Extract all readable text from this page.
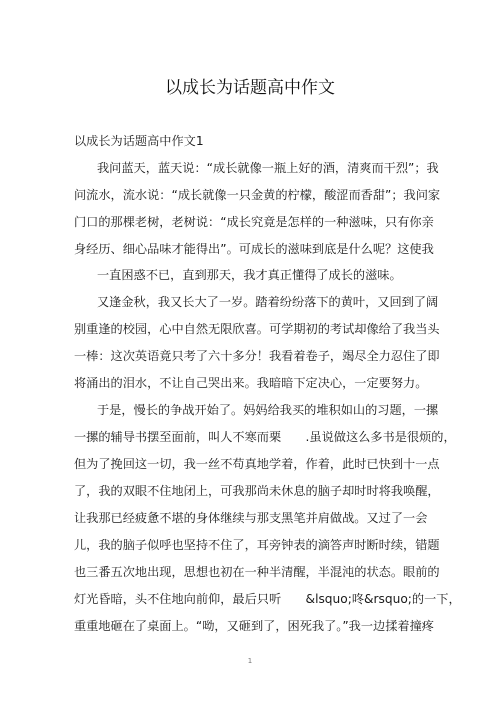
以成长为话题高中作文
以成长为话题高中作文1
我问蓝天，蓝天说：“成长就像一瓶上好的酒，清爽而干烈”；我
问流水，流水说：“成长就像一只金黄的柠檬，酸涩而香甜”；我问家
门口的那棵老树，老树说：“成长究竟是怎样的一种滋味，只有你亲
身经历、细心品味才能得出”。可成长的滋味到底是什么呢？这使我
一直困惑不已，直到那天，我才真正懂得了成长的滋味。
又逢金秋，我又长大了一岁。踏着纷纷落下的黄叶，又回到了阔
别重逢的校园，心中自然无限欣喜。可学期初的考试却像给了我当头
一棒：这次英语竟只考了六十多分！我看着卷子，竭尽全力忍住了即
将涌出的泪水，不让自己哭出来。我暗暗下定决心，一定要努力。
于是，慢长的争战开始了。妈妈给我买的堆积如山的习题，一摞
一摞的辅导书摆至面前，叫人不寒而栗　　.虽说做这么多书是很烦的，
但为了挽回这一切，我一丝不苟真地学着，作着，此时已快到十一点
了，我的双眼不住地闭上，可我那尚未休息的脑子却时时将我唤醒，
让我那已经疲惫不堪的身体继续与那支黑笔并肩做战。又过了一会
儿，我的脑子似呼也坚持不住了，耳旁钟表的滴答声时断时续，错题
也三番五次地出现，思想也初在一种半清醒，半混沌的状态。眼前的
灯光昏暗，头不住地向前仰，最后只听　　&lsquo;咚&rsquo;的一下，
重重地砸在了桌面上。“呦，又砸到了，困死我了。”我一边揉着撞疼
1
